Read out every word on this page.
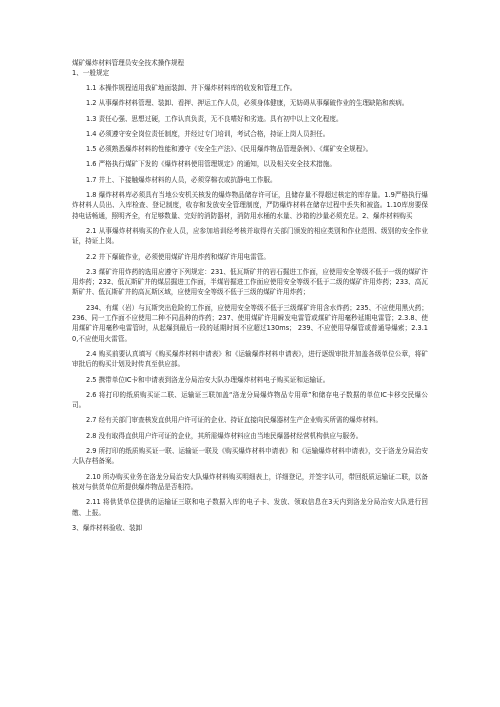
煤矿爆炸材料管理员安全技术操作规程

1、一般规定

1.1 本操作规程适用我矿地面装卸、井下爆炸材料库的收发和管理工作。

1.2 从事爆炸材料管理、装卸、看押、押运工作人员，必须身体健康，无妨碍从事爆破作业的生理缺陷和疾病。

1.3 责任心强、思想过硬，工作认真负责，无不良嗜好和劣迹。具有初中以上文化程度。

1.4 必须遵守安全岗位责任制度，并经过专门培训，考试合格，持证上岗人员担任。

1.5 必须熟悉爆炸材料的性能和遵守《安全生产法》、《民用爆炸物品管理条例》、《煤矿安全规程》。

1.6 严格执行煤矿下发的《爆炸材料使用管理规定》的通知，以及相关安全技术措施。

1.7 井上、下接触爆炸材料的人员，必须穿棉衣或抗静电工作服。

1.8 爆炸材料库必须具有当地公安机关核发的爆炸物品储存许可证，且储存量不得超过核定的库存量。1.9严格执行爆炸材料人员出、入库检查、登记制度，收存和发放安全管理制度，严防爆炸材料在储存过程中丢失和被盗。1.10库房要保持电话畅通，照明齐全，有足够数量、完好的消防器材，消防用水桶的水量、沙箱的沙量必须充足。2、爆炸材料购买

2.1 从事爆炸材料购买的作业人员，应参加培训经考核并取得有关部门颁发的相应类别和作业范围、级别的安全作业证，持证上岗。

2.2 井下爆破作业，必须使用煤矿许用炸药和煤矿许用电雷管。

2.3 煤矿许用炸药的选用应遵守下列规定：231、低瓦斯矿井的岩石掘进工作面，应使用安全等级不低于一级的煤矿许用炸药；232、低瓦斯矿井的煤层掘进工作面，半煤岩掘进工作面应使用安全等级不低于二级的煤矿许用炸药；233、高瓦斯矿井、低瓦斯矿井的高瓦斯区域，应使用安全等级不低于三级的煤矿许用炸药；

234、有煤（岩）与瓦斯突出危险的工作面，应使用安全等级不低于三级煤矿许用含水炸药；235、不应使用黑火药；236、同一工作面不应使用二种不同品种的炸药；237、使用煤矿许用瞬发电雷管或煤矿许用毫秒延期电雷管；2.3.8、使用煤矿许用毫秒电雷管时，从起爆到最后一段的延期时间不应超过130ms； 239、不应使用导爆管或普通导爆索；2.3.10,不应使用火雷管。

2.4 购买前要认真填写《购买爆炸材料申请表》和《运输爆炸材料申请表》，进行逐级审批并加盖各级单位公章，将矿审批后的购买计划及时传真至供应部。

2.5 携带单位IC卡和申请表到洛龙分局治安大队办理爆炸材料电子购买证和运输证。

2.6 将打印的纸质购买证二联、运输证三联加盖“洛龙分局爆炸物品专用章”和储存电子数据的单位IC卡移交民爆公司。

2.7 经有关部门审查核发直供用户许可证的企业、持证直接向民爆器材生产企业购买所需的爆炸材料。

2.8 没有取得直供用户许可证的企业，其所需爆炸材料应由当地民爆器材经营机构供应与服务。

2.9 所打印的纸质购买证一联、运输证一联及《购买爆炸材料申请表》和《运输爆炸材料申请表》，交于洛龙分局治安大队存档备案。

2.10 所办购买业务在洛龙分局治安大队爆炸材料购买明细表上，详细登记，并签字认可，带回纸质运输证二联，以备核对与供货单位所提供爆炸物品是否相符。

2.11 将供货单位提供的运输证三联和电子数据入库的电子卡、发放、领取信息在3天内到洛龙分局治安大队进行回缴、上报。

3、爆炸材料验收、装卸
